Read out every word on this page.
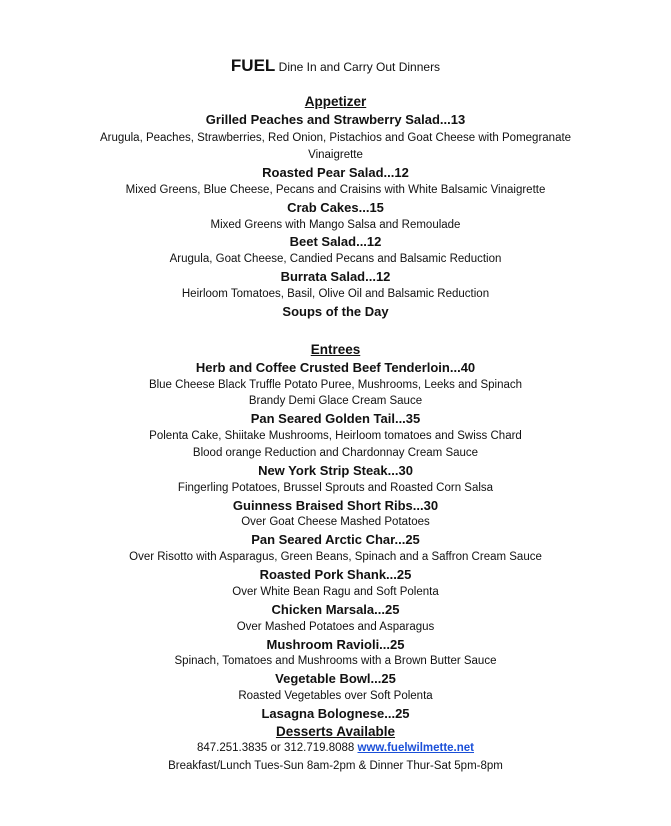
FUEL Dine In and Carry Out Dinners
Appetizer
Grilled Peaches and Strawberry Salad...13
Arugula, Peaches, Strawberries, Red Onion, Pistachios and Goat Cheese with Pomegranate
Vinaigrette
Roasted Pear Salad...12
Mixed Greens, Blue Cheese, Pecans and Craisins with White Balsamic Vinaigrette
Crab Cakes...15
Mixed Greens with Mango Salsa and Remoulade
Beet Salad...12
Arugula, Goat Cheese, Candied Pecans and Balsamic Reduction
Burrata Salad...12
Heirloom Tomatoes, Basil, Olive Oil and Balsamic Reduction
Soups of the Day
Entrees
Herb and Coffee Crusted Beef Tenderloin...40
Blue Cheese Black Truffle Potato Puree, Mushrooms, Leeks and Spinach
Brandy Demi Glace Cream Sauce
Pan Seared Golden Tail...35
Polenta Cake, Shiitake Mushrooms, Heirloom tomatoes and Swiss Chard
Blood orange Reduction and Chardonnay Cream Sauce
New York Strip Steak...30
Fingerling Potatoes, Brussel Sprouts and Roasted Corn Salsa
Guinness Braised Short Ribs...30
Over Goat Cheese Mashed Potatoes
Pan Seared Arctic Char...25
Over Risotto with Asparagus, Green Beans, Spinach and a Saffron Cream Sauce
Roasted Pork Shank...25
Over White Bean Ragu and Soft Polenta
Chicken Marsala...25
Over Mashed Potatoes and Asparagus
Mushroom Ravioli...25
Spinach, Tomatoes and Mushrooms with a Brown Butter Sauce
Vegetable Bowl...25
Roasted Vegetables over Soft Polenta
Lasagna Bolognese...25
Desserts Available
847.251.3835 or 312.719.8088 www.fuelwilmette.net
Breakfast/Lunch Tues-Sun 8am-2pm & Dinner Thur-Sat 5pm-8pm
